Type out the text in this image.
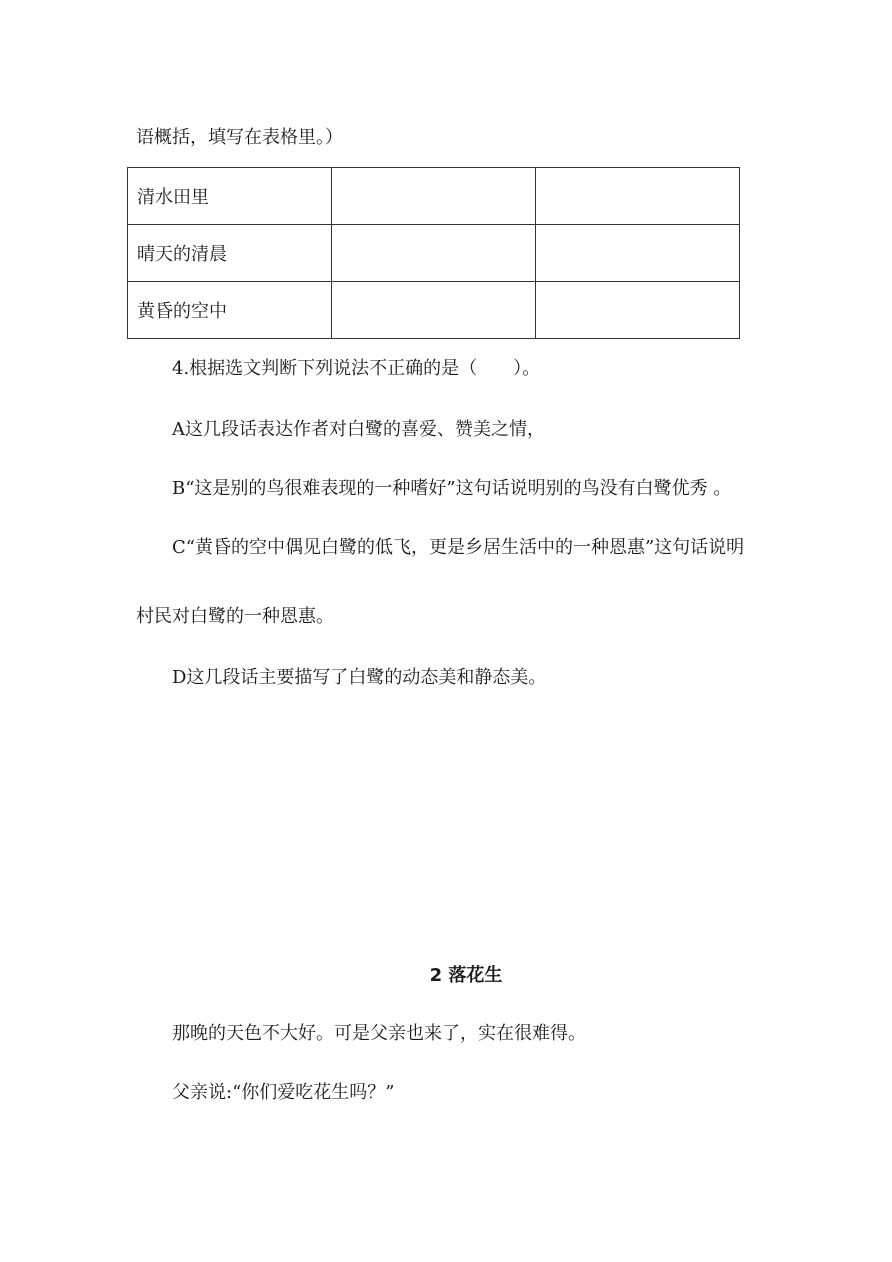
语概括，填写在表格里。）
清水田里		
晴天的清晨		
黄昏的空中		
4.根据选文判断下列说法不正确的是（　　）。
A这几段话表达作者对白鹭的喜爱、赞美之情，
B“这是别的鸟很难表现的一种嗜好”这句话说明别的鸟没有白鹭优秀 。
C“黄昏的空中偶见白鹭的低飞，更是乡居生活中的一种恩惠”这句话说明
村民对白鹭的一种恩惠。
D这几段话主要描写了白鹭的动态美和静态美。
2 落花生
那晚的天色不大好。可是父亲也来了，实在很难得。
父亲说:“你们爱吃花生吗？”
